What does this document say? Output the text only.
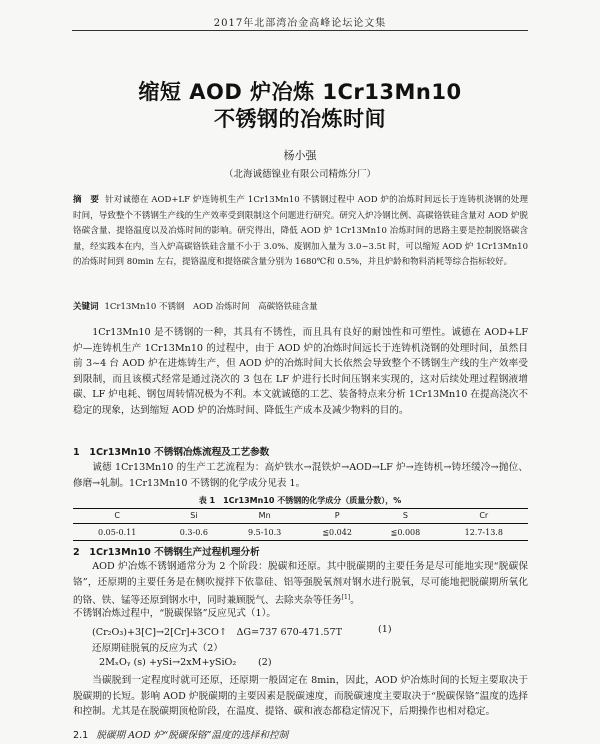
2017年北部湾冶金高峰论坛论文集
缩短 AOD 炉冶炼 1Cr13Mn10
不锈钢的冶炼时间
杨小强
（北海诚德镍业有限公司精炼分厂）
摘　要 针对诚德在 AOD+LF 炉连铸机生产 1Cr13Mn10 不锈钢过程中 AOD 炉的冶炼时间远长于连铸机浇钢的处理时间，导致整个不锈钢生产线的生产效率受到限制这个问题进行研究。研究入炉冷钢比例、高碳铬铁硅含量对 AOD 炉脱铬碳含量、提铬温度以及冶炼时间的影响。研究得出，降低 AOD 炉 1Cr13Mn10 冶炼时间的思路主要是控制脱铬碳含量，经实践本在内，当入炉高碳铬铁硅含量不小于 3.0%、废钢加入量为 3.0~3.5t 时，可以缩短 AOD 炉 1Cr13Mn10 的冶炼时间到 80min 左右，提铬温度和提铬碳含量分别为 1680℃和 0.5%，并且炉龄和物料消耗等综合指标较好。
关键词 1Cr13Mn10 不锈钢　AOD 冶炼时间　高碳铬铁硅含量
1Cr13Mn10 是不锈钢的一种，其具有不锈性，而且具有良好的耐蚀性和可塑性。诚德在 AOD+LF 炉—连铸机生产 1Cr13Mn10 的过程中，由于 AOD 炉的冶炼时间远长于连铸机浇钢的处理时间，虽然目前 3~4 台 AOD 炉在进炼铸生产，但 AOD 炉的冶炼时间大长依然会导致整个不锈钢生产线的生产效率受到限制，而且该模式经常是通过浇次的 3 包在 LF 炉进行长时间压钢来实现的，这对后续处理过程钢液增碳、LF 炉电耗、钢包周转情况极为不利。本文就诚德的工艺、装备特点来分析 1Cr13Mn10 在提高浇次不稳定的现象，达到缩短 AOD 炉的冶炼时间、降低生产成本及减少物料的目的。
1　1Cr13Mn10 不锈钢冶炼流程及工艺参数
诚德 1Cr13Mn10 的生产工艺流程为：高炉铁水→混铁炉→AOD→LF 炉→连铸机→铸坯缓冷→抛位、修磨→轧制。1Cr13Mn10 不锈钢的化学成分见表 1。
表 1　1Cr13Mn10 不锈钢的化学成分（质量分数），%
C	Si	Mn	P	S	Cr
0.05-0.11	0.3-0.6	9.5-10.3	≦0.042	≦0.008	12.7-13.8
2　1Cr13Mn10 不锈钢生产过程机理分析
AOD 炉冶炼不锈钢通常分为 2 个阶段：脱碳和还原。其中脱碳期的主要任务是尽可能地实现“脱碳保铬”，还原期的主要任务是在侧吹搅拌下依靠硅、铝等强脱氧剂对钢水进行脱氧，尽可能地把脱碳期所氧化的铬、铁、锰等还原到钢水中，同时兼顾脱气、去除夹杂等任务[1]。
不锈钢冶炼过程中，“脱碳保铬”反应见式（1）。
(Cr₂O₃)+3[C]→2[Cr]+3CO↑　ΔG=737 670-471.57T	(1)
还原期硅脱氧的反应为式（2）
2MₓOᵧ (s) +ySi→2xM+ySiO₂ (2)
当碳脱到一定程度时就可还原，还原期一般固定在 8min，因此，AOD 炉冶炼时间的长短主要取决于脱碳期的长短。影响 AOD 炉脱碳期的主要因素是脱碳速度，而脱碳速度主要取决于“脱碳保铬”温度的选择和控制。尤其是在脱碳期顶枪阶段，在温度、提铬、碳和液态都稳定情况下，后期操作也相对稳定。
2.1 脱碳期 AOD 炉“脱碳保铬”温度的选择和控制
